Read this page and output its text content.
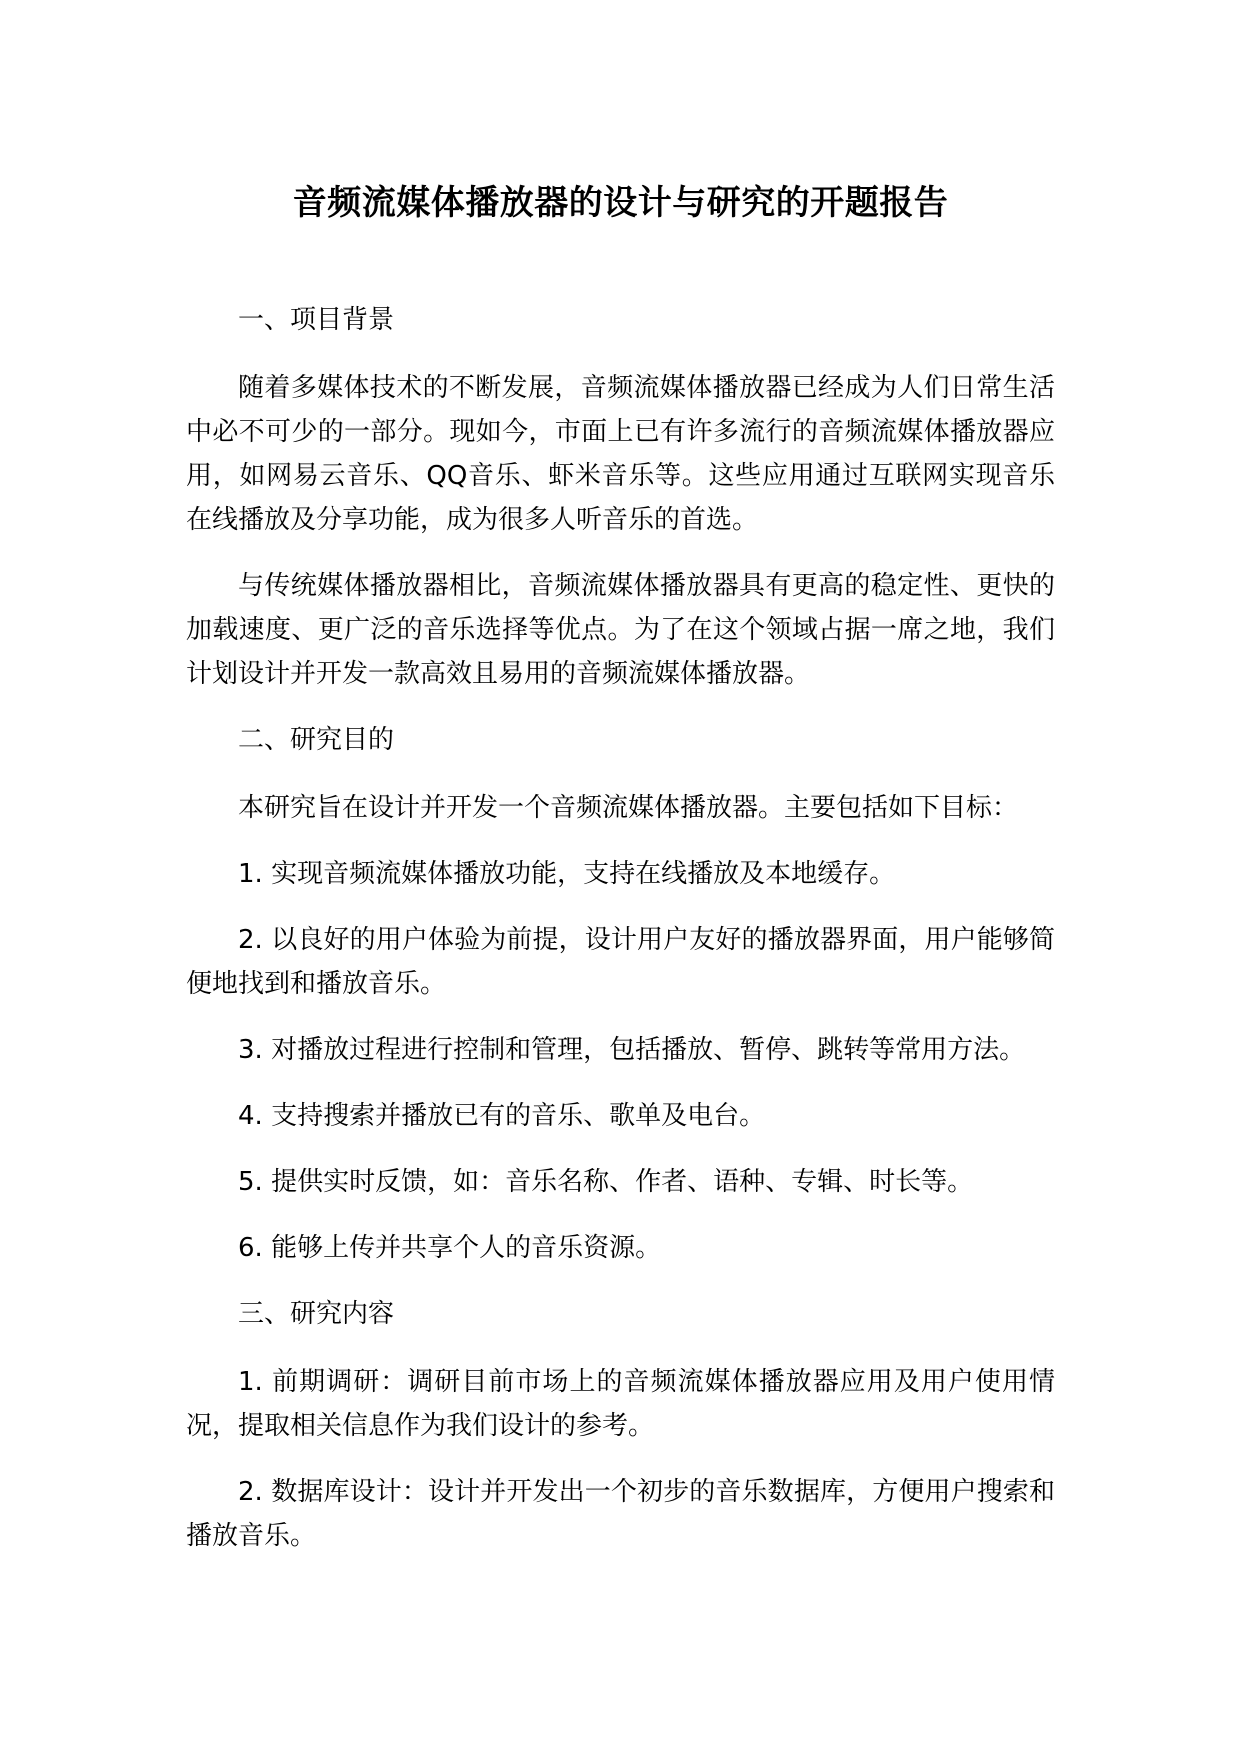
音频流媒体播放器的设计与研究的开题报告

一、项目背景

随着多媒体技术的不断发展，音频流媒体播放器已经成为人们日常生活中必不可少的一部分。现如今，市面上已有许多流行的音频流媒体播放器应用，如网易云音乐、QQ音乐、虾米音乐等。这些应用通过互联网实现音乐在线播放及分享功能，成为很多人听音乐的首选。

与传统媒体播放器相比，音频流媒体播放器具有更高的稳定性、更快的加载速度、更广泛的音乐选择等优点。为了在这个领域占据一席之地，我们计划设计并开发一款高效且易用的音频流媒体播放器。

二、研究目的

本研究旨在设计并开发一个音频流媒体播放器。主要包括如下目标：

1. 实现音频流媒体播放功能，支持在线播放及本地缓存。

2. 以良好的用户体验为前提，设计用户友好的播放器界面，用户能够简便地找到和播放音乐。

3. 对播放过程进行控制和管理，包括播放、暂停、跳转等常用方法。

4. 支持搜索并播放已有的音乐、歌单及电台。

5. 提供实时反馈，如：音乐名称、作者、语种、专辑、时长等。

6. 能够上传并共享个人的音乐资源。

三、研究内容

1. 前期调研：调研目前市场上的音频流媒体播放器应用及用户使用情况，提取相关信息作为我们设计的参考。

2. 数据库设计：设计并开发出一个初步的音乐数据库，方便用户搜索和播放音乐。
